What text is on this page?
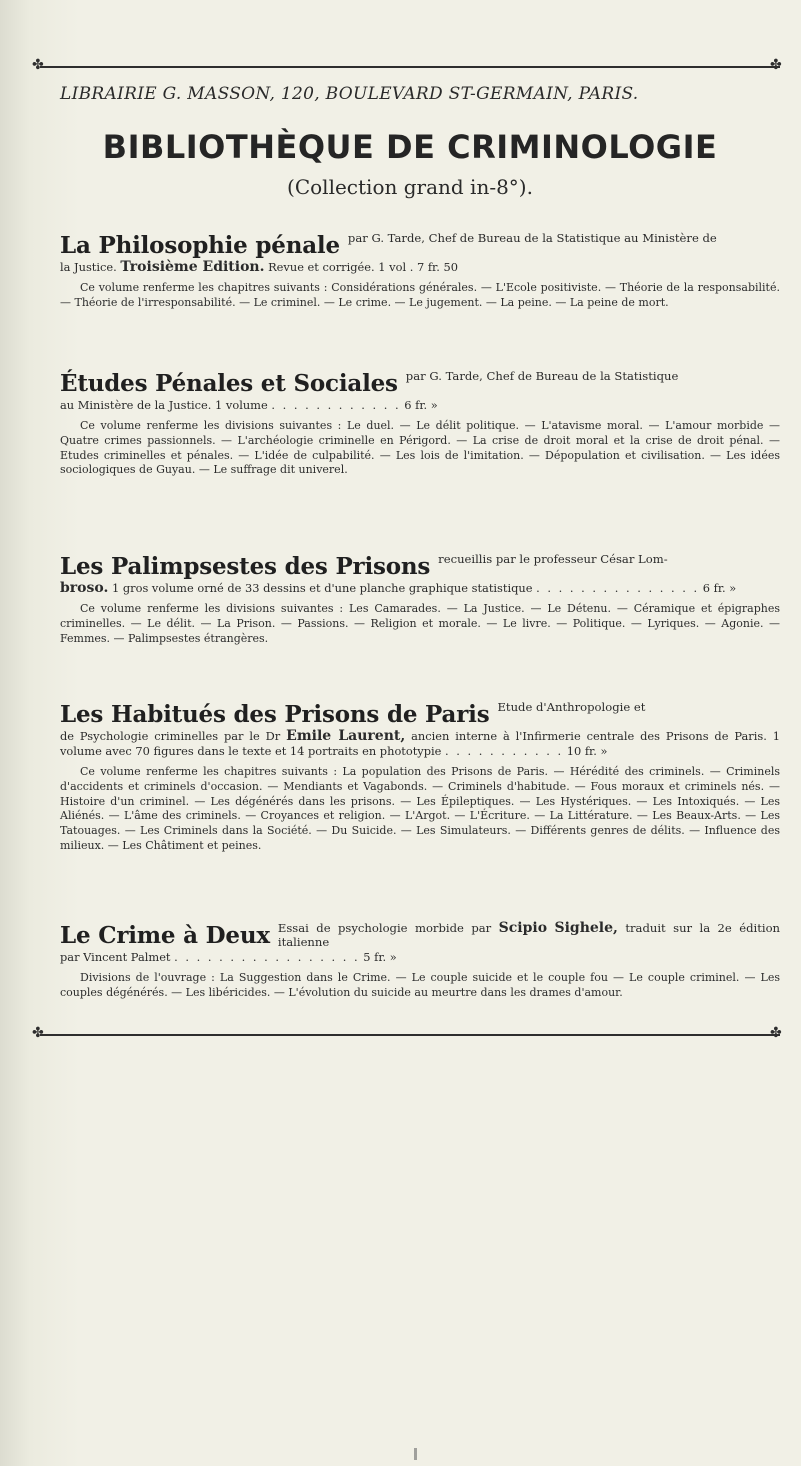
✤	✤
LIBRAIRIE G. MASSON, 120, BOULEVARD ST-GERMAIN, PARIS.
BIBLIOTHÈQUE DE CRIMINOLOGIE
(Collection grand in-8°).
La Philosophie pénale par G. Tarde, Chef de Bureau de la Statistique au Ministère de
la Justice. Troisième Edition. Revue et corrigée. 1 vol . 7 fr. 50
Ce volume renferme les chapitres suivants : Considérations générales. — L'Ecole positiviste. — Théorie de la responsabilité. — Théorie de l'irresponsabilité. — Le criminel. — Le crime. — Le jugement. — La peine. — La peine de mort.
Études Pénales et Sociales par G. Tarde, Chef de Bureau de la Statistique
au Ministère de la Justice. 1 volume . . . . . . . . . . . . 6 fr. »
Ce volume renferme les divisions suivantes : Le duel. — Le délit politique. — L'atavisme moral. — L'amour morbide — Quatre crimes passionnels. — L'archéologie criminelle en Périgord. — La crise de droit moral et la crise de droit pénal. — Etudes criminelles et pénales. — L'idée de culpabilité. — Les lois de l'imitation. — Dépopulation et civilisation. — Les idées sociologiques de Guyau. — Le suffrage dit univerel.
Les Palimpsestes des Prisons recueillis par le professeur César Lom-
broso. 1 gros volume orné de 33 dessins et d'une planche graphique statistique . . . . . . . . . . . . . . . 6 fr. »
Ce volume renferme les divisions suivantes : Les Camarades. — La Justice. — Le Détenu. — Céramique et épigraphes criminelles. — Le délit. — La Prison. — Passions. — Religion et morale. — Le livre. — Politique. — Lyriques. — Agonie. — Femmes. — Palimpsestes étrangères.
Les Habitués des Prisons de Paris Etude d'Anthropologie et
de Psychologie criminelles par le Dr Emile Laurent, ancien interne à l'Infirmerie centrale des Prisons de Paris. 1 volume avec 70 figures dans le texte et 14 portraits en phototypie . . . . . . . . . . . 10 fr. »
Ce volume renferme les chapitres suivants : La population des Prisons de Paris. — Hérédité des criminels. — Criminels d'accidents et criminels d'occasion. — Mendiants et Vagabonds. — Criminels d'habitude. — Fous moraux et criminels nés. — Histoire d'un criminel. — Les dégénérés dans les prisons. — Les Épileptiques. — Les Hystériques. — Les Intoxiqués. — Les Aliénés. — L'âme des criminels. — Croyances et religion. — L'Argot. — L'Écriture. — La Littérature. — Les Beaux-Arts. — Les Tatouages. — Les Criminels dans la Société. — Du Suicide. — Les Simulateurs. — Différents genres de délits. — Influence des milieux. — Les Châtiment et peines.
Le Crime à Deux Essai de psychologie morbide par Scipio Sighele, traduit sur la 2e édition italienne
par Vincent Palmet . . . . . . . . . . . . . . . . . 5 fr. »
Divisions de l'ouvrage : La Suggestion dans le Crime. — Le couple suicide et le couple fou — Le couple criminel. — Les couples dégénérés. — Les libéricides. — L'évolution du suicide au meurtre dans les drames d'amour.
✤	✤
